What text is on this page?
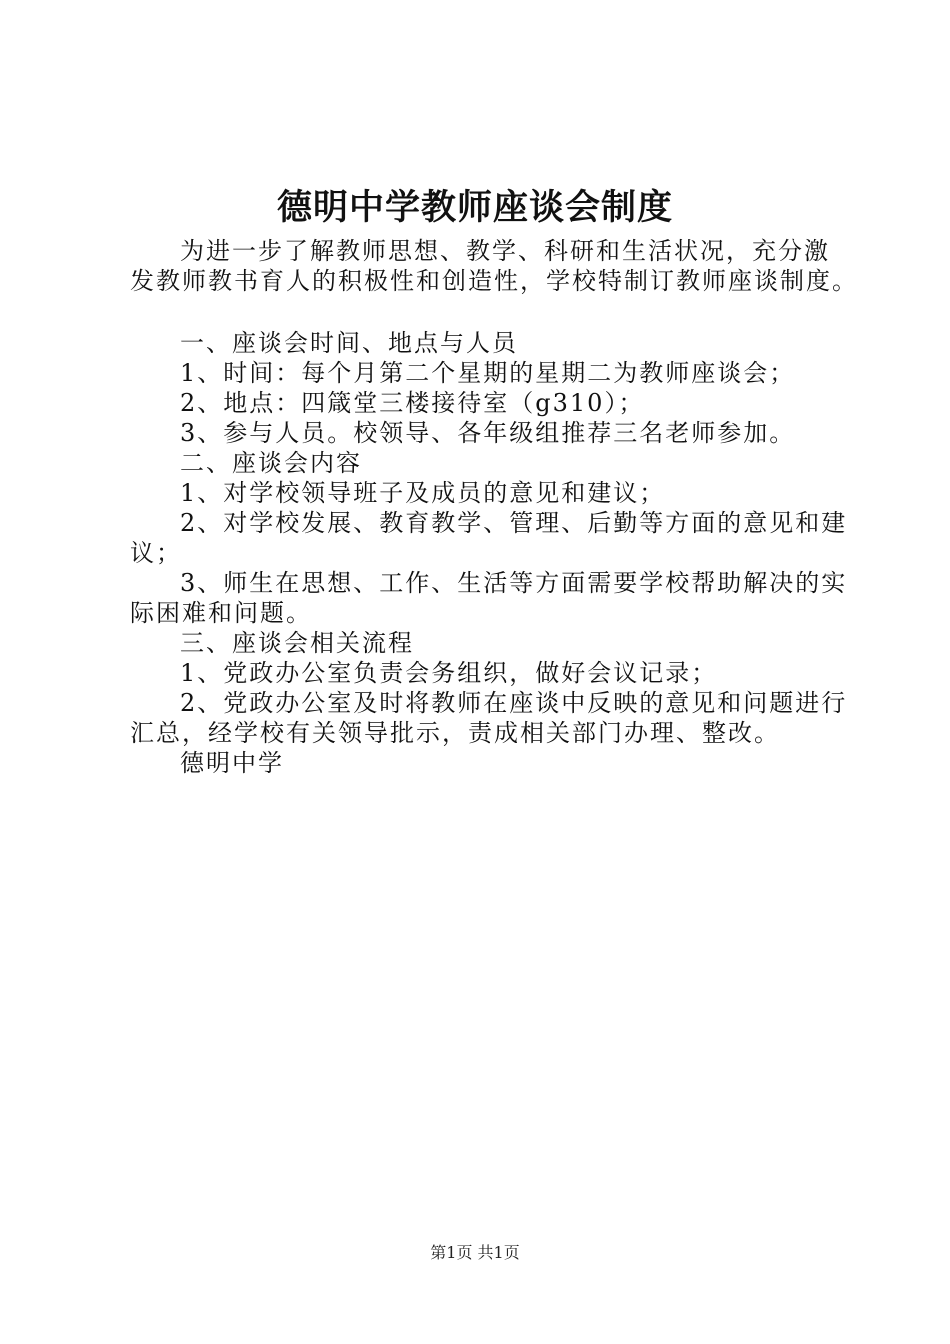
德明中学教师座谈会制度
为进一步了解教师思想、教学、科研和生活状况，充分激
发教师教书育人的积极性和创造性，学校特制订教师座谈制度。
一、座谈会时间、地点与人员
1、时间：每个月第二个星期的星期二为教师座谈会；
2、地点：四箴堂三楼接待室（g310）；
3、参与人员。校领导、各年级组推荐三名老师参加。
二、座谈会内容
1、对学校领导班子及成员的意见和建议；
2、对学校发展、教育教学、管理、后勤等方面的意见和建
议；
3、师生在思想、工作、生活等方面需要学校帮助解决的实
际困难和问题。
三、座谈会相关流程
1、党政办公室负责会务组织，做好会议记录；
2、党政办公室及时将教师在座谈中反映的意见和问题进行
汇总，经学校有关领导批示，责成相关部门办理、整改。
德明中学
第1页 共1页
